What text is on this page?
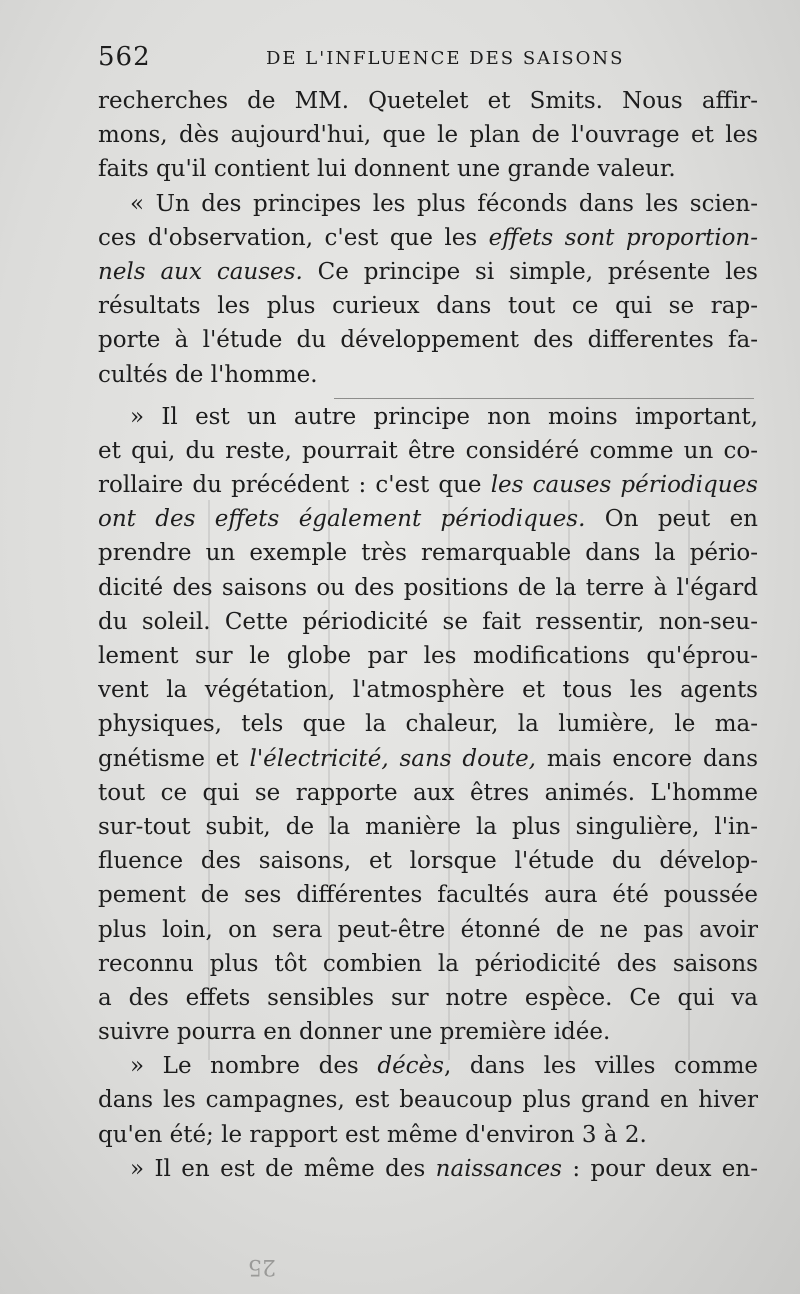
562	DE L'INFLUENCE DES SAISONS
recherches de MM. Quetelet et Smits. Nous affir-
mons, dès aujourd'hui, que le plan de l'ouvrage et les
faits qu'il contient lui donnent une grande valeur.
« Un des principes les plus féconds dans les scien-
ces d'observation, c'est que les effets sont proportion-
nels aux causes. Ce principe si simple, présente les
résultats les plus curieux dans tout ce qui se rap-
porte à l'étude du développement des differentes fa-
cultés de l'homme.
» Il est un autre principe non moins important,
et qui, du reste, pourrait être considéré comme un co-
rollaire du précédent : c'est que les causes périodiques
ont des effets également périodiques. On peut en
prendre un exemple très remarquable dans la pério-
dicité des saisons ou des positions de la terre à l'égard
du soleil. Cette périodicité se fait ressentir, non-seu-
lement sur le globe par les modifications qu'éprou-
vent la végétation, l'atmosphère et tous les agents
physiques, tels que la chaleur, la lumière, le ma-
gnétisme et l'électricité, sans doute, mais encore dans
tout ce qui se rapporte aux êtres animés. L'homme
sur-tout subit, de la manière la plus singulière, l'in-
fluence des saisons, et lorsque l'étude du dévelop-
pement de ses différentes facultés aura été poussée
plus loin, on sera peut-être étonné de ne pas avoir
reconnu plus tôt combien la périodicité des saisons
a des effets sensibles sur notre espèce. Ce qui va
suivre pourra en donner une première idée.
» Le nombre des décès, dans les villes comme
dans les campagnes, est beaucoup plus grand en hiver
qu'en été; le rapport est même d'environ 3 à 2.
» Il en est de même des naissances : pour deux en-
25
